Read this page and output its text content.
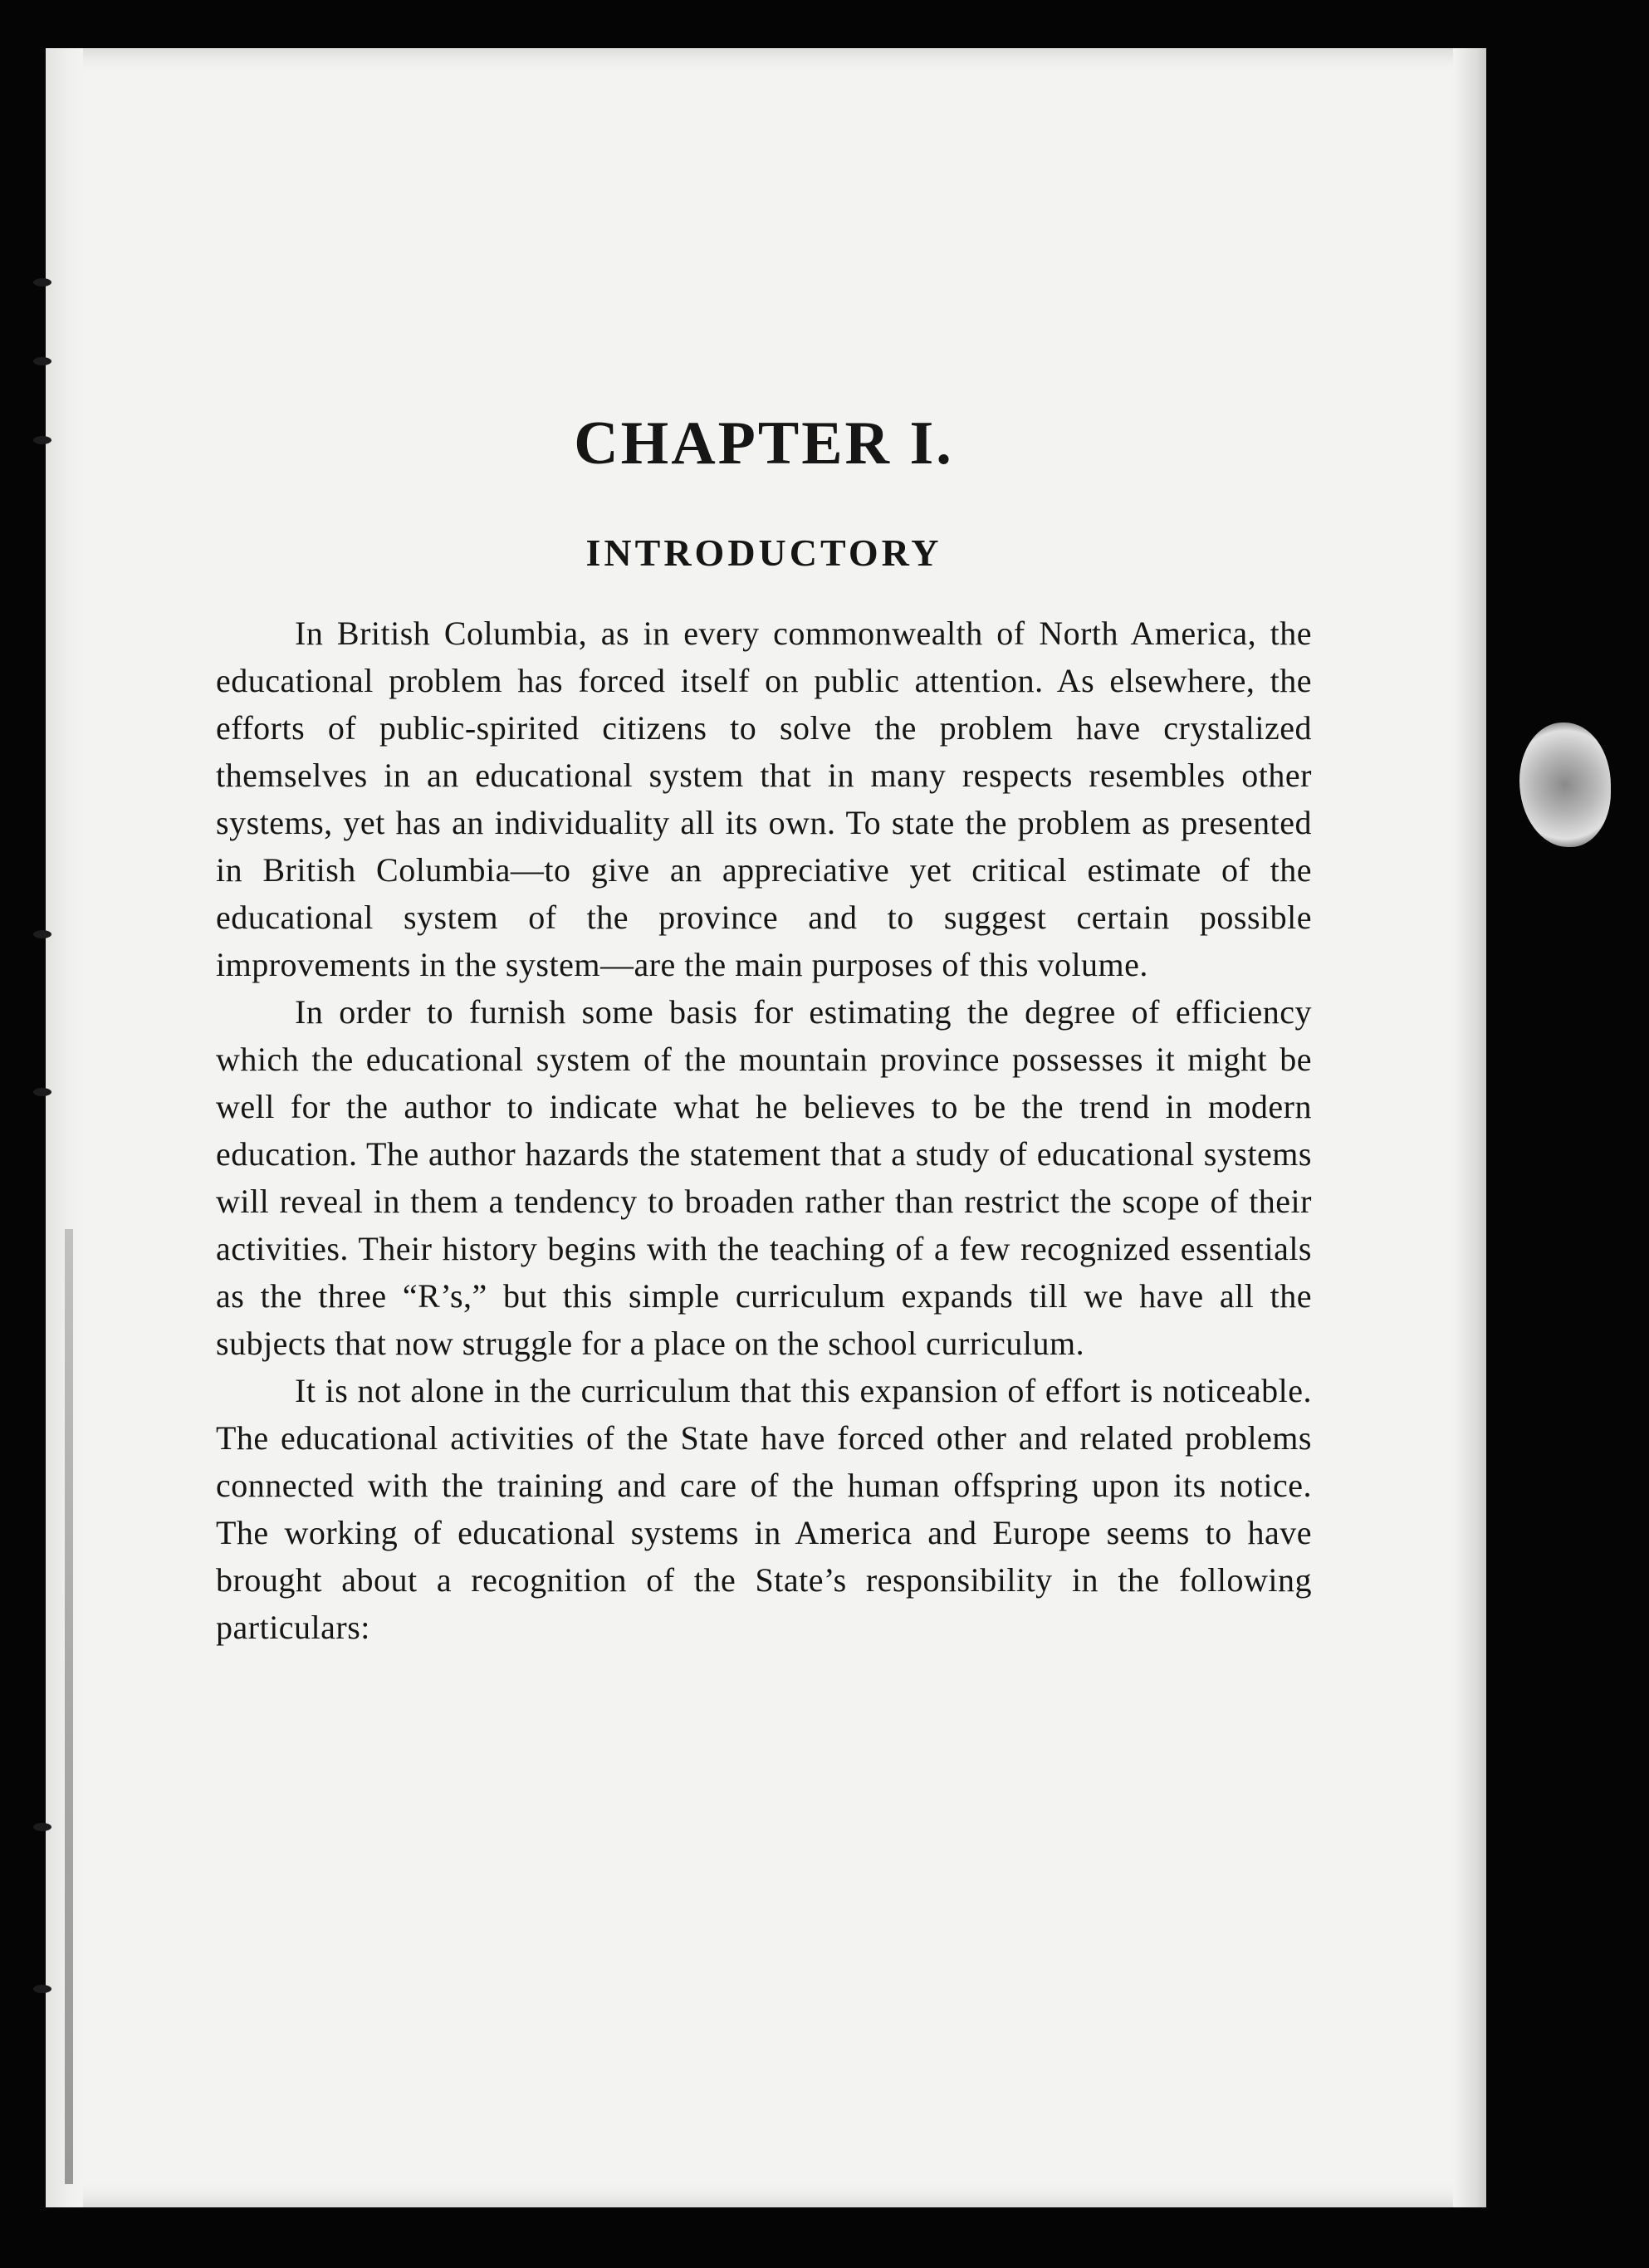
CHAPTER I.
INTRODUCTORY

In British Columbia, as in every commonwealth of North America, the educational problem has forced itself on public attention. As elsewhere, the efforts of public-spirited citizens to solve the problem have crystalized themselves in an educational system that in many respects resembles other systems, yet has an individuality all its own. To state the problem as presented in British Columbia—to give an appreciative yet critical estimate of the educational system of the province and to suggest certain possible improvements in the system—are the main purposes of this volume.

In order to furnish some basis for estimating the degree of efficiency which the educational system of the mountain province possesses it might be well for the author to indicate what he believes to be the trend in modern education. The author hazards the statement that a study of educational systems will reveal in them a tendency to broaden rather than restrict the scope of their activities. Their history begins with the teaching of a few recognized essentials as the three “R’s,” but this simple curriculum expands till we have all the subjects that now struggle for a place on the school curriculum.

It is not alone in the curriculum that this expansion of effort is noticeable. The educational activities of the State have forced other and related problems connected with the training and care of the human offspring upon its notice. The working of educational systems in America and Europe seems to have brought about a recognition of the State’s responsibility in the following particulars:
